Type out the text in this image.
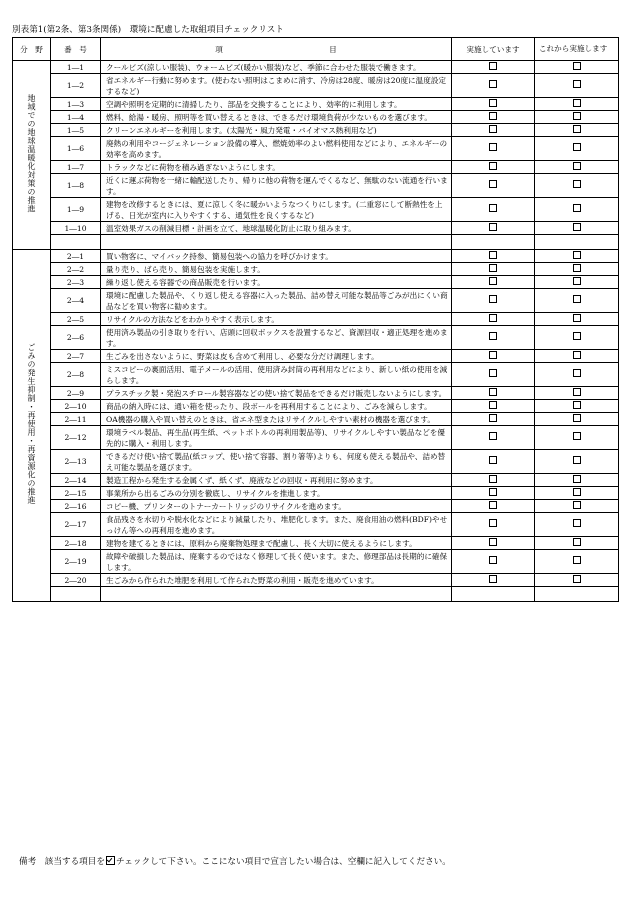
別表第1(第2条、第3条関係)　環境に配慮した取組項目チェックリスト
分　野	番　号	項　　　　　　　　　　　　　　目	実施しています	これから実施します
地域での地球温暖化対策の推進	1―1	クールビズ(涼しい服装)、ウォームビズ(暖かい服装)など、季節に合わせた服装で働きます。		
	1―2	省エネルギー行動に努めます。(使わない照明はこまめに消す、冷房は28度、暖房は20度に温度設定するなど)		
	1―3	空調や照明を定期的に清掃したり、部品を交換することにより、効率的に利用します。		
	1―4	燃料、給湯・暖房、照明等を買い替えるときは、できるだけ環境負荷が少ないものを選びます。		
	1―5	クリーンエネルギーを利用します。(太陽光・風力発電・バイオマス熱利用など)		
	1―6	廃熱の利用やコージェネレーション設備の導入、燃焼効率のよい燃料使用などにより、エネルギーの効率を高めます。		
	1―7	トラックなどに荷物を積み過ぎないようにします。		
	1―8	近くに運ぶ荷物を一緒に輸配送したり、帰りに他の荷物を運んでくるなど、無駄のない流通を行います。		
	1―9	建物を改修するときには、夏に涼しく冬に暖かいようなつくりにします。(二重窓にして断熱性を上げる、日光が室内に入りやすくする、通気性を良くするなど)		
	1―10	温室効果ガスの削減目標・計画を立て、地球温暖化防止に取り組みます。		

ごみの発生抑制・再使用・再資源化の推進	2―1	買い物客に、マイバック持参、簡易包装への協力を呼びかけます。		
	2―2	量り売り、ばら売り、簡易包装を実施します。		
	2―3	繰り返し使える容器での商品販売を行います。		
	2―4	環境に配慮した製品や、くり返し使える容器に入った製品、詰め替え可能な製品等ごみが出にくい商品などを買い物客に勧めます。		
	2―5	リサイクルの方法などをわかりやすく表示します。		
	2―6	使用済み製品の引き取りを行い、店頭に回収ボックスを設置するなど、資源回収・適正処理を進めます。		
	2―7	生ごみを出さないように、野菜は皮も含めて利用し、必要な分だけ調理します。		
	2―8	ミスコピーの裏面活用、電子メールの活用、使用済み封筒の再利用などにより、新しい紙の使用を減らします。		
	2―9	プラスチック製・発泡スチロール製容器などの使い捨て製品をできるだけ販売しないようにします。		
	2―10	商品の納入時には、通い箱を使ったり、段ボールを再利用することにより、ごみを減らします。		
	2―11	OA機器の購入や買い替えのときは、省エネ型またはリサイクルしやすい素材の機器を選びます。		
	2―12	環境ラベル製品、再生品(再生紙、ペットボトルの再利用製品等)、リサイクルしやすい製品などを優先的に購入・利用します。		
	2―13	できるだけ使い捨て製品(紙コップ、使い捨て容器、割り箸等)よりも、何度も使える製品や、詰め替え可能な製品を選びます。		
	2―14	製造工程から発生する金属くず、紙くず、廃液などの回収・再利用に努めます。		
	2―15	事業所から出るごみの分別を徹底し、リサイクルを推進します。		
	2―16	コピー機、プリンターのトナーカートリッジのリサイクルを進めます。		
	2―17	食品残さを水切りや脱水化などにより減量したり、堆肥化します。また、廃食用油の燃料(BDF)やせっけん等への再利用を進めます。		
	2―18	建物を建てるときには、原料から廃棄物処理まで配慮し、長く大切に使えるようにします。		
	2―19	故障や破損した製品は、廃棄するのではなく修理して長く使います。また、修理部品は長期的に確保します。		
	2―20	生ごみから作られた堆肥を利用して作られた野菜の利用・販売を進めています。		

備考　該当する項目を チェックして下さい。ここにない項目で宣言したい場合は、空欄に記入してください。
